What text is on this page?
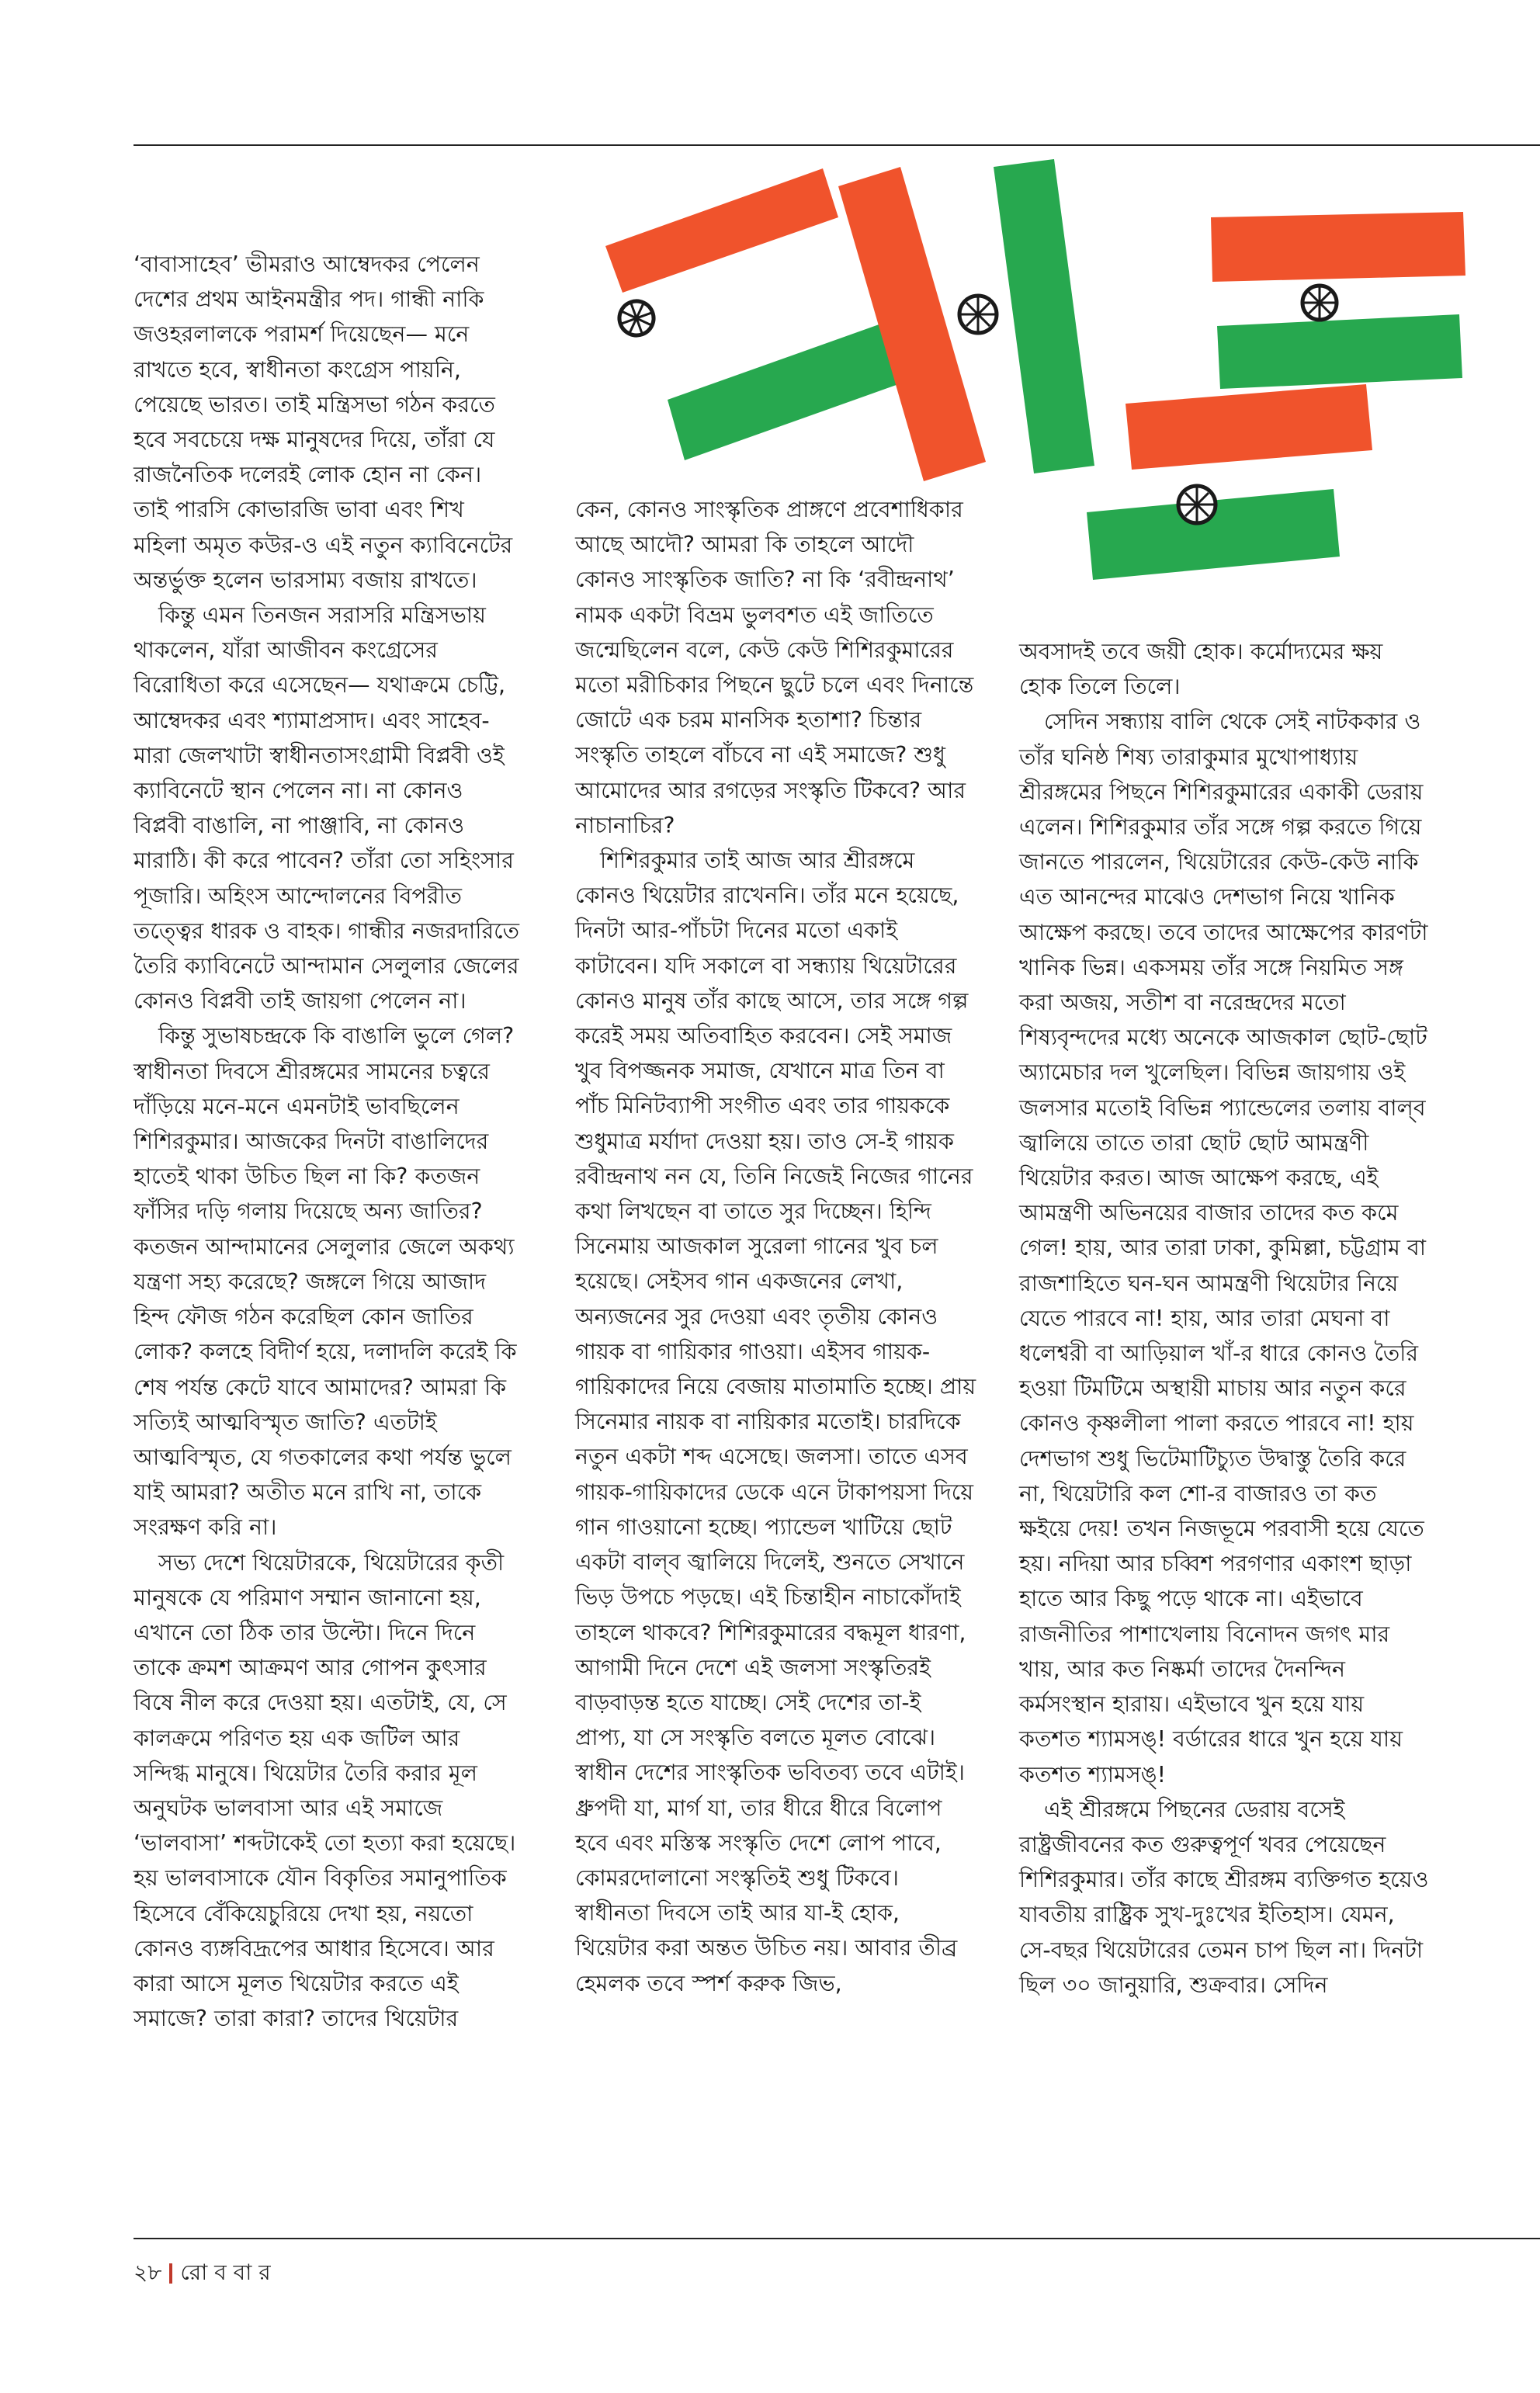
‘বাবাসাহেব’ ভীমরাও আম্বেদকর পেলেন দেশের প্রথম আইনমন্ত্রীর পদ। গান্ধী নাকি জওহরলালকে পরামর্শ দিয়েছেন— মনে রাখতে হবে, স্বাধীনতা কংগ্রেস পায়নি, পেয়েছে ভারত। তাই মন্ত্রিসভা গঠন করতে হবে সবচেয়ে দক্ষ মানুষদের দিয়ে, তাঁরা যে রাজনৈতিক দলেরই লোক হোন না কেন। তাই পারসি কোভারজি ভাবা এবং শিখ মহিলা অমৃত কউর-ও এই নতুন ক্যাবিনেটের অন্তর্ভুক্ত হলেন ভারসাম্য বজায় রাখতে।

কিন্তু এমন তিনজন সরাসরি মন্ত্রিসভায় থাকলেন, যাঁরা আজীবন কংগ্রেসের বিরোধিতা করে এসেছেন— যথাক্রমে চেট্টি, আম্বেদকর এবং শ্যামাপ্রসাদ। এবং সাহেব-মারা জেলখাটা স্বাধীনতাসংগ্রামী বিপ্লবী ওই ক্যাবিনেটে স্থান পেলেন না। না কোনও বিপ্লবী বাঙালি, না পাঞ্জাবি, না কোনও মারাঠি। কী করে পাবেন? তাঁরা তো সহিংসার পূজারি। অহিংস আন্দোলনের বিপরীত তত্ত্বের ধারক ও বাহক। গান্ধীর নজরদারিতে তৈরি ক্যাবিনেটে আন্দামান সেলুলার জেলের কোনও বিপ্লবী তাই জায়গা পেলেন না।

কিন্তু সুভাষচন্দ্রকে কি বাঙালি ভুলে গেল? স্বাধীনতা দিবসে শ্রীরঙ্গমের সামনের চত্বরে দাঁড়িয়ে মনে-মনে এমনটাই ভাবছিলেন শিশিরকুমার। আজকের দিনটা বাঙালিদের হাতেই থাকা উচিত ছিল না কি? কতজন ফাঁসির দড়ি গলায় দিয়েছে অন্য জাতির? কতজন আন্দামানের সেলুলার জেলে অকথ্য যন্ত্রণা সহ্য করেছে? জঙ্গলে গিয়ে আজাদ হিন্দ ফৌজ গঠন করেছিল কোন জাতির লোক? কলহে বিদীর্ণ হয়ে, দলাদলি করেই কি শেষ পর্যন্ত কেটে যাবে আমাদের? আমরা কি সত্যিই আত্মবিস্মৃত জাতি? এতটাই আত্মবিস্মৃত, যে গতকালের কথা পর্যন্ত ভুলে যাই আমরা? অতীত মনে রাখি না, তাকে সংরক্ষণ করি না।

সভ্য দেশে থিয়েটারকে, থিয়েটারের কৃতী মানুষকে যে পরিমাণ সম্মান জানানো হয়, এখানে তো ঠিক তার উল্টো। দিনে দিনে তাকে ক্রমশ আক্রমণ আর গোপন কুৎসার বিষে নীল করে দেওয়া হয়। এতটাই, যে, সে কালক্রমে পরিণত হয় এক জটিল আর সন্দিগ্ধ মানুষে। থিয়েটার তৈরি করার মূল অনুঘটক ভালবাসা আর এই সমাজে ‘ভালবাসা’ শব্দটাকেই তো হত্যা করা হয়েছে। হয় ভালবাসাকে যৌন বিকৃতির সমানুপাতিক হিসেবে বেঁকিয়েচুরিয়ে দেখা হয়, নয়তো কোনও ব্যঙ্গবিদ্রূপের আধার হিসেবে। আর কারা আসে মূলত থিয়েটার করতে এই সমাজে? তারা কারা? তাদের থিয়েটার

কেন, কোনও সাংস্কৃতিক প্রাঙ্গণে প্রবেশাধিকার আছে আদৌ? আমরা কি তাহলে আদৌ কোনও সাংস্কৃতিক জাতি? না কি ‘রবীন্দ্রনাথ’ নামক একটা বিভ্রম ভুলবশত এই জাতিতে জন্মেছিলেন বলে, কেউ কেউ শিশিরকুমারের মতো মরীচিকার পিছনে ছুটে চলে এবং দিনান্তে জোটে এক চরম মানসিক হতাশা? চিন্তার সংস্কৃতি তাহলে বাঁচবে না এই সমাজে? শুধু আমোদের আর রগড়ের সংস্কৃতি টিকবে? আর নাচানাচির?

শিশিরকুমার তাই আজ আর শ্রীরঙ্গমে কোনও থিয়েটার রাখেননি। তাঁর মনে হয়েছে, দিনটা আর-পাঁচটা দিনের মতো একাই কাটাবেন। যদি সকালে বা সন্ধ্যায় থিয়েটারের কোনও মানুষ তাঁর কাছে আসে, তার সঙ্গে গল্প করেই সময় অতিবাহিত করবেন। সেই সমাজ খুব বিপজ্জনক সমাজ, যেখানে মাত্র তিন বা পাঁচ মিনিটব্যাপী সংগীত এবং তার গায়ককে শুধুমাত্র মর্যাদা দেওয়া হয়। তাও সে-ই গায়ক রবীন্দ্রনাথ নন যে, তিনি নিজেই নিজের গানের কথা লিখছেন বা তাতে সুর দিচ্ছেন। হিন্দি সিনেমায় আজকাল সুরেলা গানের খুব চল হয়েছে। সেইসব গান একজনের লেখা, অন্যজনের সুর দেওয়া এবং তৃতীয় কোনও গায়ক বা গায়িকার গাওয়া। এইসব গায়ক-গায়িকাদের নিয়ে বেজায় মাতামাতি হচ্ছে। প্রায় সিনেমার নায়ক বা নায়িকার মতোই। চারদিকে নতুন একটা শব্দ এসেছে। জলসা। তাতে এসব গায়ক-গায়িকাদের ডেকে এনে টাকাপয়সা দিয়ে গান গাওয়ানো হচ্ছে। প্যান্ডেল খাটিয়ে ছোট একটা বাল্‌ব জ্বালিয়ে দিলেই, শুনতে সেখানে ভিড় উপচে পড়ছে। এই চিন্তাহীন নাচাকোঁদাই তাহলে থাকবে? শিশিরকুমারের বদ্ধমূল ধারণা, আগামী দিনে দেশে এই জলসা সংস্কৃতিরই বাড়বাড়ন্ত হতে যাচ্ছে। সেই দেশের তা-ই প্রাপ্য, যা সে সংস্কৃতি বলতে মূলত বোঝে। স্বাধীন দেশের সাংস্কৃতিক ভবিতব্য তবে এটাই। ধ্রুপদী যা, মার্গ যা, তার ধীরে ধীরে বিলোপ হবে এবং মস্তিস্ক সংস্কৃতি দেশে লোপ পাবে, কোমরদোলানো সংস্কৃতিই শুধু টিকবে। স্বাধীনতা দিবসে তাই আর যা-ই হোক, থিয়েটার করা অন্তত উচিত নয়। আবার তীব্র হেমলক তবে স্পর্শ করুক জিভ,

অবসাদই তবে জয়ী হোক। কর্মোদ্যমের ক্ষয় হোক তিলে তিলে।

সেদিন সন্ধ্যায় বালি থেকে সেই নাটককার ও তাঁর ঘনিষ্ঠ শিষ্য তারাকুমার মুখোপাধ্যায় শ্রীরঙ্গমের পিছনে শিশিরকুমারের একাকী ডেরায় এলেন। শিশিরকুমার তাঁর সঙ্গে গল্প করতে গিয়ে জানতে পারলেন, থিয়েটারের কেউ-কেউ নাকি এত আনন্দের মাঝেও দেশভাগ নিয়ে খানিক আক্ষেপ করছে। তবে তাদের আক্ষেপের কারণটা খানিক ভিন্ন। একসময় তাঁর সঙ্গে নিয়মিত সঙ্গ করা অজয়, সতীশ বা নরেন্দ্রদের মতো শিষ্যবৃন্দদের মধ্যে অনেকে আজকাল ছোট-ছোট অ্যামেচার দল খুলেছিল। বিভিন্ন জায়গায় ওই জলসার মতোই বিভিন্ন প্যান্ডেলের তলায় বাল্‌ব জ্বালিয়ে তাতে তারা ছোট ছোট আমন্ত্রণী থিয়েটার করত। আজ আক্ষেপ করছে, এই আমন্ত্রণী অভিনয়ের বাজার তাদের কত কমে গেল! হায়, আর তারা ঢাকা, কুমিল্লা, চট্টগ্রাম বা রাজশাহিতে ঘন-ঘন আমন্ত্রণী থিয়েটার নিয়ে যেতে পারবে না! হায়, আর তারা মেঘনা বা ধলেশ্বরী বা আড়িয়াল খাঁ-র ধারে কোনও তৈরি হওয়া টিমটিমে অস্থায়ী মাচায় আর নতুন করে কোনও কৃষ্ণলীলা পালা করতে পারবে না! হায় দেশভাগ শুধু ভিটেমাটিচ্যুত উদ্বাস্তু তৈরি করে না, থিয়েটারি কল শো-র বাজারও তা কত ক্ষইয়ে দেয়! তখন নিজভূমে পরবাসী হয়ে যেতে হয়। নদিয়া আর চব্বিশ পরগণার একাংশ ছাড়া হাতে আর কিছু পড়ে থাকে না। এইভাবে রাজনীতির পাশাখেলায় বিনোদন জগৎ মার খায়, আর কত নিষ্কর্মা তাদের দৈনন্দিন কর্মসংস্থান হারায়। এইভাবে খুন হয়ে যায় কতশত শ্যামসঙ্! বর্ডারের ধারে খুন হয়ে যায় কতশত শ্যামসঙ্!

এই শ্রীরঙ্গমে পিছনের ডেরায় বসেই রাষ্ট্রজীবনের কত গুরুত্বপূর্ণ খবর পেয়েছেন শিশিরকুমার। তাঁর কাছে শ্রীরঙ্গম ব্যক্তিগত হয়েও যাবতীয় রাষ্ট্রিক সুখ-দুঃখের ইতিহাস। যেমন, সে-বছর থিয়েটারের তেমন চাপ ছিল না। দিনটা ছিল ৩০ জানুয়ারি, শুক্রবার। সেদিন

২৮ রো ব বা র
